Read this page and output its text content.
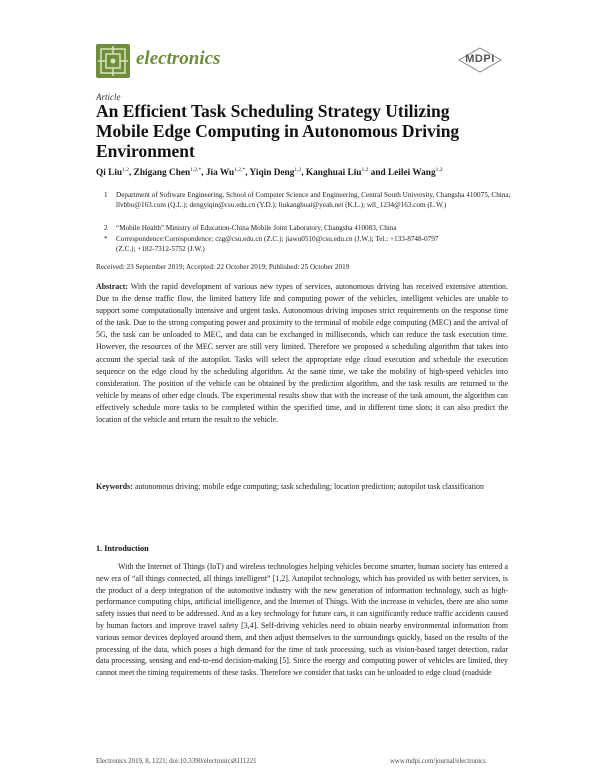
electronics	MDPI
Article
An Efficient Task Scheduling Strategy Utilizing Mobile Edge Computing in Autonomous Driving Environment
Qi Liu$^{1,2}$, Zhigang Chen$^{1,2,*}$, Jia $Wu^{1,2,*}$, Yiqin Deng$^{1,2}$, Kanghuai Liu$^{1,2}$ and Leilei Wang$^{1,2}$
1 Department of Software Engineering, School of Computer Science and Engineering, Central South University, Changsha 410075, China; llvbbo@163.com (Q.L.); dengyiqin@csu.edu.cn (Y.D.); liukanghuai@yeah.net (K.L.); wll_1234@163.com (L.W.)
2 “Mobile Health” Ministry of Education-China Mobile Joint Laboratory, Changsha 410083, China
* Correspondence:Correspondence: czg@csu.edu.cn (Z.C.); jiawu0510@csu.edu.cn (J.W.); Tel.: +133-8748-0797 (Z.C.); +182-7312-5752 (J.W.)
Received: 23 September 2019; Accepted: 22 October 2019; Published: 25 October 2019
Abstract: With the rapid development of various new types of services, autonomous driving has received extensive attention. Due to the dense traffic flow, the limited battery life and computing power of the vehicles, intelligent vehicles are unable to support some computationally intensive and urgent tasks. Autonomous driving imposes strict requirements on the response time of the task. Due to the strong computing power and proximity to the terminal of mobile edge computing (MEC) and the arrival of 5G, the task can be unloaded to MEC, and data can be exchanged in milliseconds, which can reduce the task execution time. However, the resources of the MEC server are still very limited. Therefore we proposed a scheduling algorithm that takes into account the special task of the autopilot. Tasks will select the appropriate edge cloud execution and schedule the execution sequence on the edge cloud by the scheduling algorithm. At the same time, we take the mobility of high-speed vehicles into consideration. The position of the vehicle can be obtained by the prediction algorithm, and the task results are returned to the vehicle by means of other edge clouds. The experimental results show that with the increase of the task amount, the algorithm can effectively schedule more tasks to be completed within the specified time, and in different time slots; it can also predict the location of the vehicle and return the result to the vehicle.
Keywords: autonomous driving; mobile edge computing; task scheduling; location prediction; autopilot task classification
1. Introduction
With the Internet of Things (IoT) and wireless technologies helping vehicles become smarter, human society has entered a new era of “all things connected, all things intelligent” [1,2]. Autopilot technology, which has provided us with better services, is the product of a deep integration of the automotive industry with the new generation of information technology, such as high-performance computing chips, artificial intelligence, and the Internet of Things. With the increase in vehicles, there are also some safety issues that need to be addressed. And as a key technology for future cars, it can significantly reduce traffic accidents caused by human factors and improve travel safety [3,4]. Self-driving vehicles need to obtain nearby environmental information from various sensor devices deployed around them, and then adjust themselves to the surroundings quickly, based on the results of the processing of the data, which poses a high demand for the time of task processing, such as vision-based target detection, radar data processing, sensing and end-to-end decision-making [5]. Since the energy and computing power of vehicles are limited, they cannot meet the timing requirements of these tasks. Therefore we consider that tasks can be unloaded to edge cloud (roadside
Electronics 2019, 8, 1221; doi:10.3390/electronics8111221	www.mdpi.com/journal/electronics
